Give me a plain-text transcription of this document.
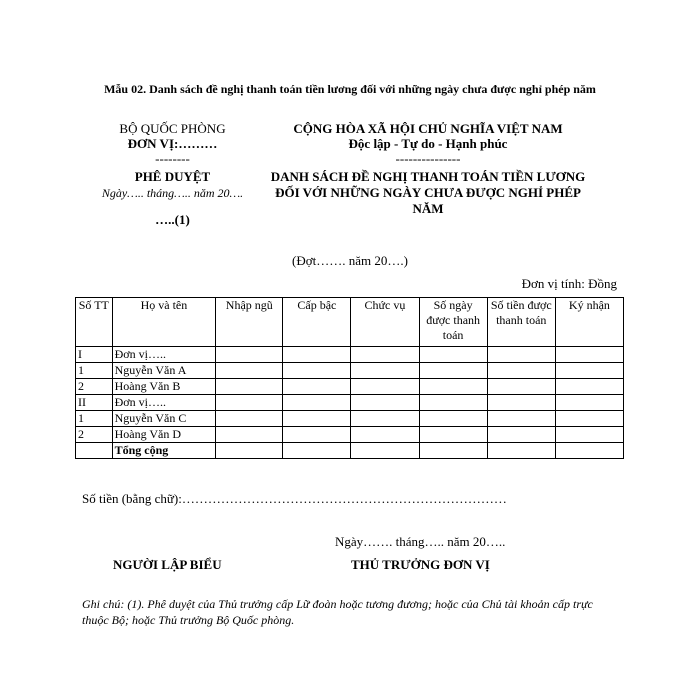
Mẫu 02. Danh sách đề nghị thanh toán tiền lương đối với những ngày chưa được nghỉ phép năm
BỘ QUỐC PHÒNG
ĐƠN VỊ:………
--------
PHÊ DUYỆT
Ngày….. tháng….. năm 20….
…..(1)
CỘNG HÒA XÃ HỘI CHỦ NGHĨA VIỆT NAM
Độc lập - Tự do - Hạnh phúc
---------------
DANH SÁCH ĐỀ NGHỊ THANH TOÁN TIỀN LƯƠNG ĐỐI VỚI NHỮNG NGÀY CHƯA ĐƯỢC NGHỈ PHÉP NĂM
(Đợt……. năm 20….)
Đơn vị tính: Đồng
Số TT	Họ và tên	Nhập ngũ	Cấp bậc	Chức vụ	Số ngày được thanh toán	Số tiền được thanh toán	Ký nhận
I	Đơn vị…..						
1	Nguyễn Văn A						
2	Hoàng Văn B						
II	Đơn vị…..						
1	Nguyễn Văn C						
2	Hoàng Văn D						
	Tổng cộng						
Số tiền (bằng chữ):…………………………………………………………………
Ngày……. tháng….. năm 20…..
NGƯỜI LẬP BIỂU	THỦ TRƯỞNG ĐƠN VỊ
Ghi chú: (1). Phê duyệt của Thủ trưởng cấp Lữ đoàn hoặc tương đương; hoặc của Chủ tài khoản cấp trực thuộc Bộ; hoặc Thủ trưởng Bộ Quốc phòng.
